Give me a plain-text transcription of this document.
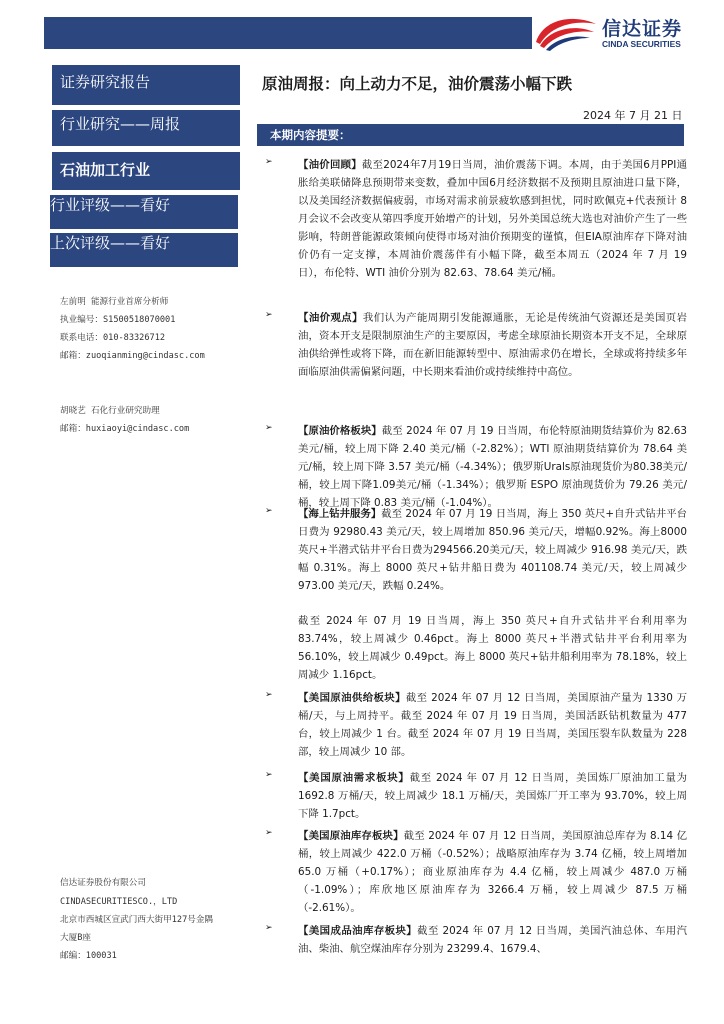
信达证券
CINDA SECURITIES
证券研究报告
行业研究——周报
石油加工行业
行业评级——看好
上次评级——看好
左前明 能源行业首席分析师
执业编号：S1500518070001
联系电话：010-83326712
邮箱：zuoqianming@cindasc.com
胡晓艺 石化行业研究助理
邮箱：huxiaoyi@cindasc.com
信达证券股份有限公司
CINDASECURITIESCO.，LTD
北京市西城区宣武门西大街甲127号金隅
大厦B座
邮编：100031
原油周报：向上动力不足，油价震荡小幅下跌
2024 年 7 月 21 日
本期内容提要：
➢ 【油价回顾】截至2024年7月19日当周，油价震荡下调。本周，由于美国6月PPI通胀给美联储降息预期带来变数，叠加中国6月经济数据不及预期且原油进口量下降，以及美国经济数据偏疲弱，市场对需求前景疲软感到担忧，同时欧佩克+代表预计 8 月会议不会改变从第四季度开始增产的计划，另外美国总统大选也对油价产生了一些影响，特朗普能源政策倾向使得市场对油价预期变的谨慎，但EIA原油库存下降对油价仍有一定支撑，本周油价震荡伴有小幅下降，截至本周五（2024 年 7 月 19 日），布伦特、WTI 油价分别为 82.63、78.64 美元/桶。
➢ 【油价观点】我们认为产能周期引发能源通胀，无论是传统油气资源还是美国页岩油，资本开支是限制原油生产的主要原因，考虑全球原油长期资本开支不足，全球原油供给弹性或将下降，而在新旧能源转型中、原油需求仍在增长，全球或将持续多年面临原油供需偏紧问题，中长期来看油价或持续维持中高位。
➢ 【原油价格板块】截至 2024 年 07 月 19 日当周，布伦特原油期货结算价为 82.63 美元/桶，较上周下降 2.40 美元/桶（-2.82%）；WTI 原油期货结算价为 78.64 美元/桶，较上周下降 3.57 美元/桶（-4.34%）；俄罗斯Urals原油现货价为80.38美元/桶，较上周下降1.09美元/桶（-1.34%）；俄罗斯 ESPO 原油现货价为 79.26 美元/桶，较上周下降 0.83 美元/桶（-1.04%）。
➢ 【海上钻井服务】截至 2024 年 07 月 19 日当周，海上 350 英尺+自升式钻井平台日费为 92980.43 美元/天，较上周增加 850.96 美元/天，增幅0.92%。海上8000英尺+半潜式钻井平台日费为294566.20美元/天，较上周减少 916.98 美元/天，跌幅 0.31%。海上 8000 英尺+钻井船日费为 401108.74 美元/天，较上周减少 973.00 美元/天，跌幅 0.24%。
截至 2024 年 07 月 19 日当周，海上 350 英尺+自升式钻井平台利用率为 83.74%，较上周减少 0.46pct。海上 8000 英尺+半潜式钻井平台利用率为 56.10%，较上周减少 0.49pct。海上 8000 英尺+钻井船利用率为 78.18%，较上周减少 1.16pct。
➢ 【美国原油供给板块】截至 2024 年 07 月 12 日当周，美国原油产量为 1330 万桶/天，与上周持平。截至 2024 年 07 月 19 日当周，美国活跃钻机数量为 477 台，较上周减少 1 台。截至 2024 年 07 月 19 日当周，美国压裂车队数量为 228 部，较上周减少 10 部。
➢ 【美国原油需求板块】截至 2024 年 07 月 12 日当周，美国炼厂原油加工量为 1692.8 万桶/天，较上周减少 18.1 万桶/天，美国炼厂开工率为 93.70%，较上周下降 1.7pct。
➢ 【美国原油库存板块】截至 2024 年 07 月 12 日当周，美国原油总库存为 8.14 亿桶，较上周减少 422.0 万桶（-0.52%）；战略原油库存为 3.74 亿桶，较上周增加 65.0 万桶（+0.17%）；商业原油库存为 4.4 亿桶，较上周减少 487.0 万桶（-1.09%）；库欣地区原油库存为 3266.4 万桶，较上周减少 87.5 万桶（-2.61%）。
➢ 【美国成品油库存板块】截至 2024 年 07 月 12 日当周，美国汽油总体、车用汽油、柴油、航空煤油库存分别为 23299.4、1679.4、
